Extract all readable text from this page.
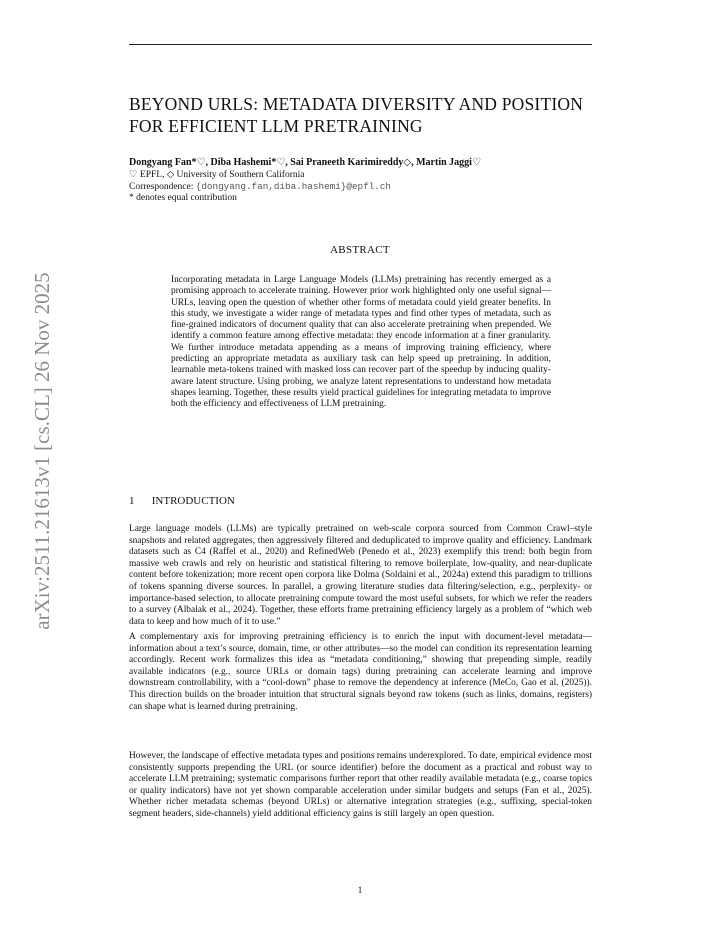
arXiv:2511.21613v1 [cs.CL] 26 Nov 2025
BEYOND URLS: METADATA DIVERSITY AND POSITION
FOR EFFICIENT LLM PRETRAINING
Dongyang Fan*♡, Diba Hashemi*♡, Sai Praneeth Karimireddy◇, Martin Jaggi♡
♡ EPFL, ◇ University of Southern California
Correspondence: {dongyang.fan,diba.hashemi}@epfl.ch
* denotes equal contribution
ABSTRACT
Incorporating metadata in Large Language Models (LLMs) pretraining has recently emerged as a promising approach to accelerate training. However prior work highlighted only one useful signal—URLs, leaving open the question of whether other forms of metadata could yield greater benefits. In this study, we investigate a wider range of metadata types and find other types of metadata, such as fine-grained indicators of document quality that can also accelerate pretraining when prepended. We identify a common feature among effective metadata: they encode information at a finer granularity. We further introduce metadata appending as a means of improving training efficiency, where predicting an appropriate metadata as auxiliary task can help speed up pretraining. In addition, learnable meta-tokens trained with masked loss can recover part of the speedup by inducing quality-aware latent structure. Using probing, we analyze latent representations to understand how metadata shapes learning. Together, these results yield practical guidelines for integrating metadata to improve both the efficiency and effectiveness of LLM pretraining.
1 INTRODUCTION
Large language models (LLMs) are typically pretrained on web-scale corpora sourced from Common Crawl–style snapshots and related aggregates, then aggressively filtered and deduplicated to improve quality and efficiency. Landmark datasets such as C4 (Raffel et al., 2020) and RefinedWeb (Penedo et al., 2023) exemplify this trend: both begin from massive web crawls and rely on heuristic and statistical filtering to remove boilerplate, low-quality, and near-duplicate content before tokenization; more recent open corpora like Dolma (Soldaini et al., 2024a) extend this paradigm to trillions of tokens spanning diverse sources. In parallel, a growing literature studies data filtering/selection, e.g., perplexity- or importance-based selection, to allocate pretraining compute toward the most useful subsets, for which we refer the readers to a survey (Albalak et al., 2024). Together, these efforts frame pretraining efficiency largely as a problem of “which web data to keep and how much of it to use.”
A complementary axis for improving pretraining efficiency is to enrich the input with document-level metadata—information about a text’s source, domain, time, or other attributes—so the model can condition its representation learning accordingly. Recent work formalizes this idea as “metadata conditioning,” showing that prepending simple, readily available indicators (e.g., source URLs or domain tags) during pretraining can accelerate learning and improve downstream controllability, with a “cool-down” phase to remove the dependency at inference (MeCo, Gao et al. (2025)). This direction builds on the broader intuition that structural signals beyond raw tokens (such as links, domains, registers) can shape what is learned during pretraining.
However, the landscape of effective metadata types and positions remains underexplored. To date, empirical evidence most consistently supports prepending the URL (or source identifier) before the document as a practical and robust way to accelerate LLM pretraining; systematic comparisons further report that other readily available metadata (e.g., coarse topics or quality indicators) have not yet shown comparable acceleration under similar budgets and setups (Fan et al., 2025). Whether richer metadata schemas (beyond URLs) or alternative integration strategies (e.g., suffixing, special-token segment headers, side-channels) yield additional efficiency gains is still largely an open question.
1
